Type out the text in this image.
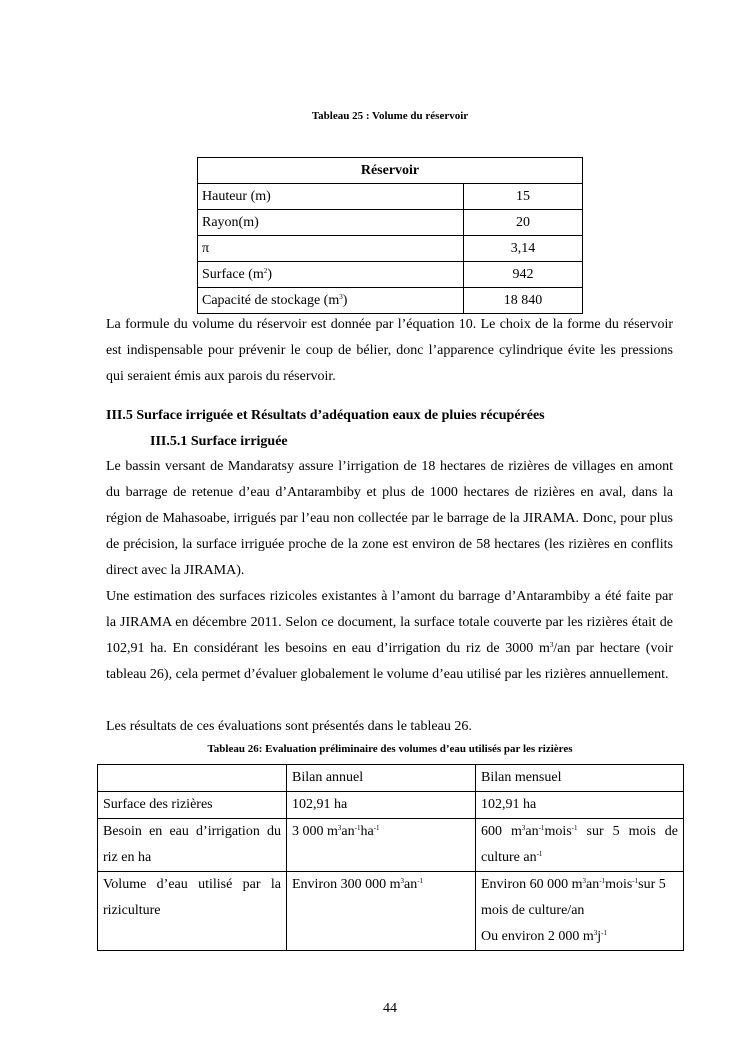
Tableau 25 : Volume du réservoir
Réservoir	
Hauteur (m)	15
Rayon(m)	20
π	3,14
Surface $(m^2)$	942
Capacité de stockage $(m^3)$	18 840

La formule du volume du réservoir est donnée par l’équation 10. Le choix de la forme du réservoir est indispensable pour prévenir le coup de bélier, donc l’apparence cylindrique évite les pressions qui seraient émis aux parois du réservoir.

III.5 Surface irriguée et Résultats d’adéquation eaux de pluies récupérées
III.5.1 Surface irriguée

Le bassin versant de Mandaratsy assure l’irrigation de 18 hectares de rizières de villages en amont du barrage de retenue d’eau d’Antarambiby et plus de 1000 hectares de rizières en aval, dans la région de Mahasoabe, irrigués par l’eau non collectée par le barrage de la JIRAMA. Donc, pour plus de précision, la surface irriguée proche de la zone est environ de 58 hectares (les rizières en conflits direct avec la JIRAMA).

Une estimation des surfaces rizicoles existantes à l’amont du barrage d’Antarambiby a été faite par la JIRAMA en décembre 2011. Selon ce document, la surface totale couverte par les rizières était de 102,91 ha. En considérant les besoins en eau d’irrigation du riz de 3000 $m^3/an$ par hectare (voir tableau 26), cela permet d’évaluer globalement le volume d’eau utilisé par les rizières annuellement.

Les résultats de ces évaluations sont présentés dans le tableau 26.

Tableau 26: Evaluation préliminaire des volumes d’eau utilisés par les rizières
	Bilan annuel	Bilan mensuel
Surface des rizières	102,91 ha	102,91 ha
Besoin en eau d’irrigation du riz en ha	3 000 $m^3an^{-1}ha^{-1}$	600 $m^3an^{-1}mois^{-1}$ sur 5 mois de culture $an^{-1}$
Volume d’eau utilisé par la riziculture	Environ 300 000 $m^3an^{-1}$	Environ 60 000 $m^3an^{-1}mois^{-1}sur$ 5 mois de culture/an
Ou environ 2 000 $m^3j^{-1}$
44
